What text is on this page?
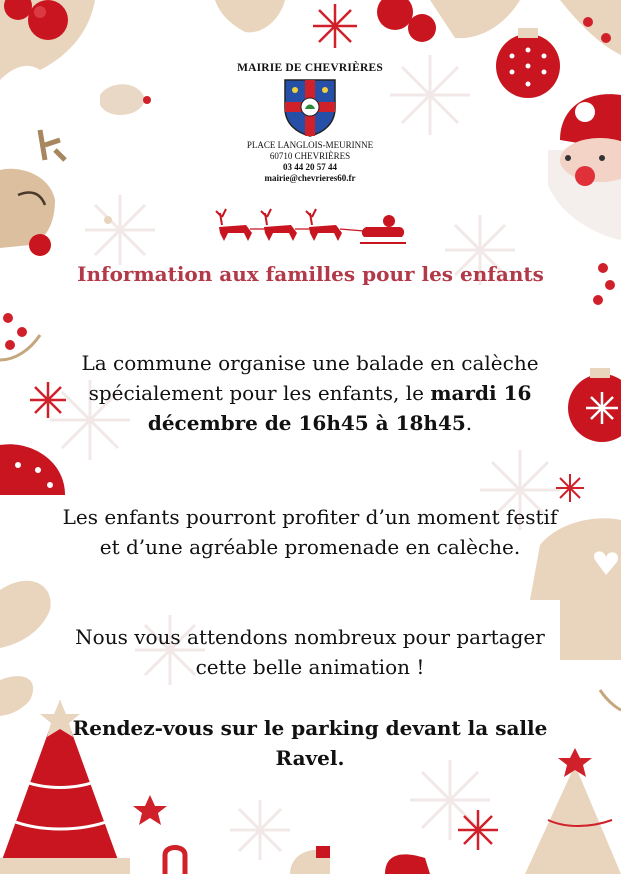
MAIRIE DE CHEVRIÈRES
PLACE LANGLOIS-MEURINNE
60710 CHEVRIÈRES
03 44 20 57 44
mairie@chevrieres60.fr
Information aux familles pour les enfants
La commune organise une balade en calèche spécialement pour les enfants, le mardi 16 décembre de 16h45 à 18h45.
Les enfants pourront profiter d’un moment festif et d’une agréable promenade en calèche.
Nous vous attendons nombreux pour partager cette belle animation !
Rendez-vous sur le parking devant la salle Ravel.
